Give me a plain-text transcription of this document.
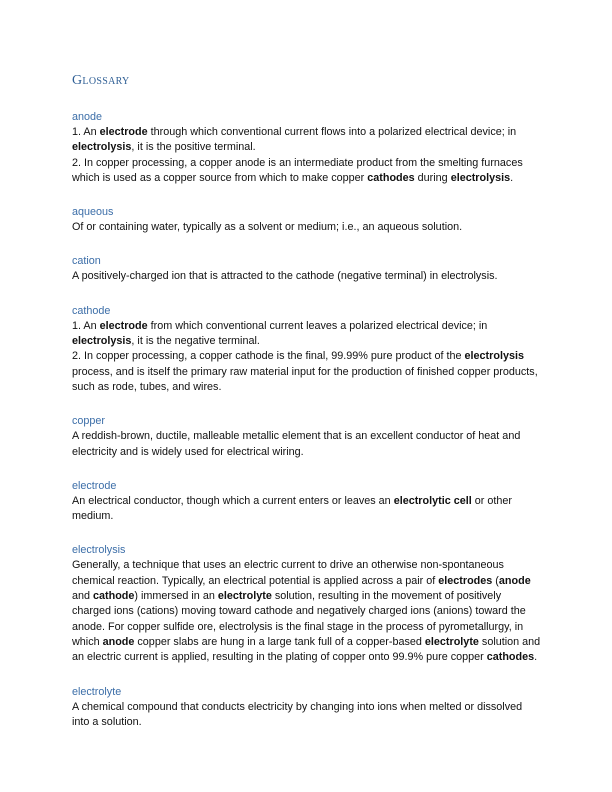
Glossary
anode

1. An electrode through which conventional current flows into a polarized electrical device; in electrolysis, it is the positive terminal.

2. In copper processing, a copper anode is an intermediate product from the smelting furnaces which is used as a copper source from which to make copper cathodes during electrolysis.

aqueous

Of or containing water, typically as a solvent or medium; i.e., an aqueous solution.

cation

A positively-charged ion that is attracted to the cathode (negative terminal) in electrolysis.

cathode

1. An electrode from which conventional current leaves a polarized electrical device; in electrolysis, it is the negative terminal.

2. In copper processing, a copper cathode is the final, 99.99% pure product of the electrolysis process, and is itself the primary raw material input for the production of finished copper products, such as rode, tubes, and wires.

copper

A reddish-brown, ductile, malleable metallic element that is an excellent conductor of heat and electricity and is widely used for electrical wiring.

electrode

An electrical conductor, though which a current enters or leaves an electrolytic cell or other medium.

electrolysis

Generally, a technique that uses an electric current to drive an otherwise non-spontaneous chemical reaction. Typically, an electrical potential is applied across a pair of electrodes (anode and cathode) immersed in an electrolyte solution, resulting in the movement of positively charged ions (cations) moving toward cathode and negatively charged ions (anions) toward the anode. For copper sulfide ore, electrolysis is the final stage in the process of pyrometallurgy, in which anode copper slabs are hung in a large tank full of a copper-based electrolyte solution and an electric current is applied, resulting in the plating of copper onto 99.9% pure copper cathodes.

electrolyte

A chemical compound that conducts electricity by changing into ions when melted or dissolved into a solution.
